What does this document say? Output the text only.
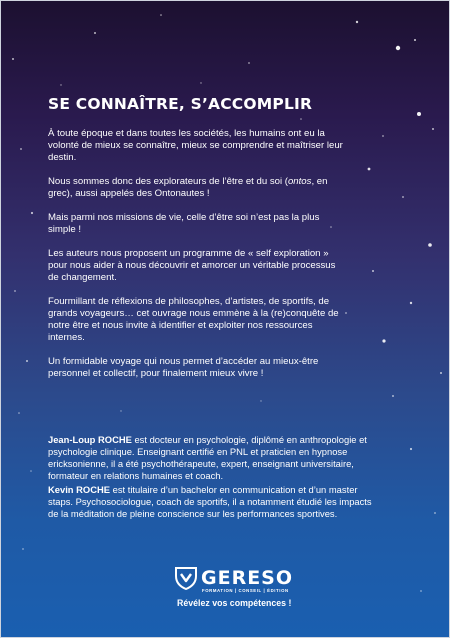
SE CONNAÎTRE, S’ACCOMPLIR

À toute époque et dans toutes les sociétés, les humains ont eu la volonté de mieux se connaître, mieux se comprendre et maîtriser leur destin.

Nous sommes donc des explorateurs de l’être et du soi (ontos, en grec), aussi appelés des Ontonautes !

Mais parmi nos missions de vie, celle d’être soi n’est pas la plus simple !

Les auteurs nous proposent un programme de « self exploration » pour nous aider à nous découvrir et amorcer un véritable processus de changement.

Fourmillant de réflexions de philosophes, d’artistes, de sportifs, de grands voyageurs… cet ouvrage nous emmène à la (re)conquête de notre être et nous invite à identifier et exploiter nos ressources internes.

Un formidable voyage qui nous permet d’accéder au mieux-être personnel et collectif, pour finalement mieux vivre !

Jean-Loup ROCHE est docteur en psychologie, diplômé en anthropologie et psychologie clinique. Enseignant certifié en PNL et praticien en hypnose ericksonienne, il a été psychothérapeute, expert, enseignant universitaire, formateur en relations humaines et coach.

Kevin ROCHE est titulaire d’un bachelor en communication et d’un master staps. Psychosociologue, coach de sportifs, il a notamment étudié les impacts de la méditation de pleine conscience sur les performances sportives.

GERESO
FORMATION | CONSEIL | ÉDITION
Révélez vos compétences !
